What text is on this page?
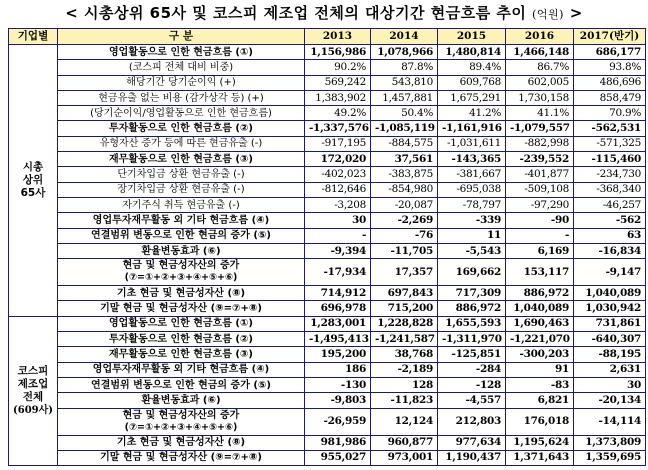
< 시총상위 65사 및 코스피 제조업 전체의 대상기간 현금흐름 추이 (억원) >
기업별	구 분	2013	2014	2015	2016	2017(반기)

시총
상위
65사	영업활동으로 인한 현금흐름 (①)	1,156,986	1,078,966	1,480,814	1,466,148	686,177

	(코스피 전체 대비 비중)	90.2%	87.8%	89.4%	86.7%	93.8%

	해당기간 당기순이익 (+)	569,242	543,810	609,768	602,005	486,696

	현금유출 없는 비용 (감가상각 등) (+)	1,383,902	1,457,881	1,675,291	1,730,158	858,479

	(당기순이익/영업활동으로 인한 현금흐름)	49.2%	50.4%	41.2%	41.1%	70.9%

	투자활동으로 인한 현금흐름 (②)	-1,337,576	-1,085,119	-1,161,916	-1,079,557	-562,531

	유형자산 증가 등에 따른 현금유출 (-)	-917,195	-884,575	-1,031,611	-882,998	-571,325

	재무활동으로 인한 현금흐름 (③)	172,020	37,561	-143,365	-239,552	-115,460

	단기차입금 상환 현금유출 (-)	-402,023	-383,875	-381,667	-401,877	-234,730

	장기차입금 상환 현금유출 (-)	-812,646	-854,980	-695,038	-509,108	-368,340

	자기주식 취득 현금유출 (-)	-3,208	-20,087	-78,797	-97,290	-46,257

	영업투자재무활동 외 기타 현금흐름 (④)	30	-2,269	-339	-90	-562

	연결범위 변동으로 인한 현금의 증가 (⑤)	-	-76	11	-	63

	환율변동효과 (⑥)	-9,394	-11,705	-5,543	6,169	-16,834

	현금 및 현금성자산의 증가
(⑦=①+②+③+④+⑤+⑥)	-17,934	17,357	169,662	153,117	-9,147

	기초 현금 및 현금성자산 (⑧)	714,912	697,843	717,309	886,972	1,040,089

	기말 현금 및 현금성자산 (⑨=⑦+⑧)	696,978	715,200	886,972	1,040,089	1,030,942

코스피
제조업
전체
(609사)	영업활동으로 인한 현금흐름 (①)	1,283,001	1,228,828	1,655,593	1,690,463	731,861

	투자활동으로 인한 현금흐름 (②)	-1,495,413	-1,241,587	-1,311,970	-1,221,070	-640,307

	재무활동으로 인한 현금흐름 (③)	195,200	38,768	-125,851	-300,203	-88,195

	영업투자재무활동 외 기타 현금흐름 (④)	186	-2,189	-284	91	2,631

	연결범위 변동으로 인한 현금의 증가 (⑤)	-130	128	-128	-83	30

	환율변동효과 (⑥)	-9,803	-11,823	-4,557	6,821	-20,134

	현금 및 현금성자산의 증가
(⑦=①+②+③+④+⑤+⑥)	-26,959	12,124	212,803	176,018	-14,114

	기초 현금 및 현금성자산 (⑧)	981,986	960,877	977,634	1,195,624	1,373,809

	기말 현금 및 현금성자산 (⑨=⑦+⑧)	955,027	973,001	1,190,437	1,371,643	1,359,695
